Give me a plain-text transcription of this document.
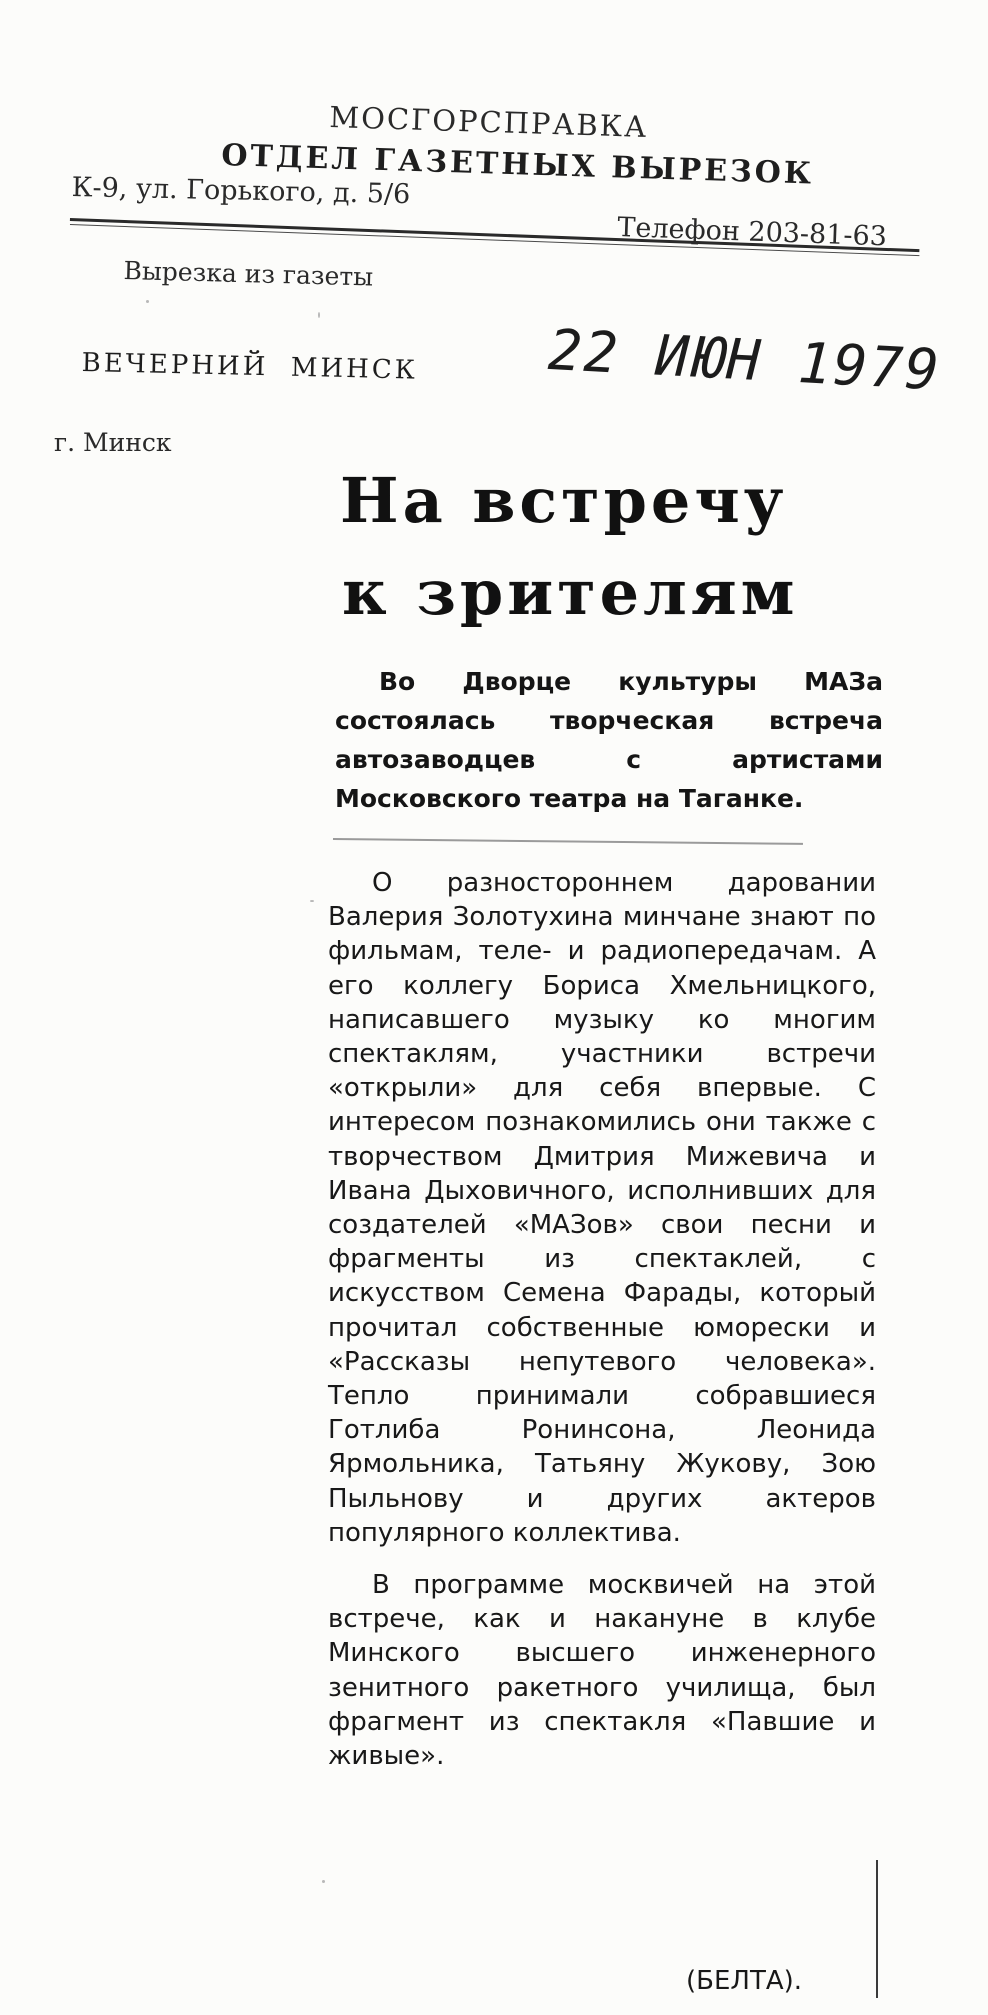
МОСГОРСПРАВКА
ОТДЕЛ ГАЗЕТНЫХ ВЫРЕЗОК
К-9, ул. Горького, д. 5/6
Телефон 203-81-63
Вырезка из газеты
ВЕЧЕРНИЙ  МИНСК
г. Минск
22 ИЮН 1979
На встречу
к зрителям
Во Дворце культуры МАЗа состоялась творческая встреча автозаводцев с артистами Московского театра на Таганке.

О разностороннем даровании Валерия Золотухина минчане знают по фильмам, теле- и радиопередачам. А его коллегу Бориса Хмельницкого, написавшего музыку ко многим спектаклям, участники встречи «открыли» для себя впервые. С интересом познакомились они также с творчеством Дмитрия Мижевича и Ивана Дыховичного, исполнивших для создателей «МАЗов» свои песни и фрагменты из спектаклей, с искусством Семена Фарады, который прочитал собственные юморески и «Рассказы непутевого человека». Тепло принимали собравшиеся Готлиба Ронинсона, Леонида Ярмольника, Татьяну Жукову, Зою Пыльнову и других актеров популярного коллектива.

В программе москвичей на этой встрече, как и накануне в клубе Минского высшего инженерного зенитного ракетного училища, был фрагмент из спектакля «Павшие и живые».

(БЕЛТА).
